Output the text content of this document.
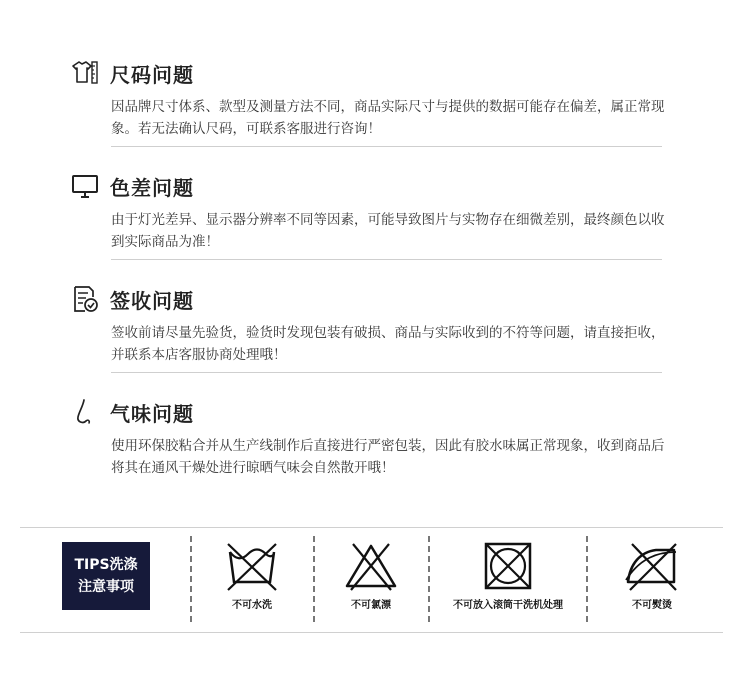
尺码问题
因品牌尺寸体系、款型及测量方法不同，商品实际尺寸与提供的数据可能存在偏差，属正常现象。若无法确认尺码，可联系客服进行咨询！
色差问题
由于灯光差异、显示器分辨率不同等因素，可能导致图片与实物存在细微差别，最终颜色以收到实际商品为准！
签收问题
签收前请尽量先验货，验货时发现包装有破损、商品与实际收到的不符等问题，请直接拒收，并联系本店客服协商处理哦！
气味问题
使用环保胶粘合并从生产线制作后直接进行严密包装，因此有胶水味属正常现象，收到商品后将其在通风干燥处进行晾晒气味会自然散开哦！
TIPS洗涤
注意事项
不可水洗	不可氯漂	不可放入滚筒干洗机处理	不可熨烫
